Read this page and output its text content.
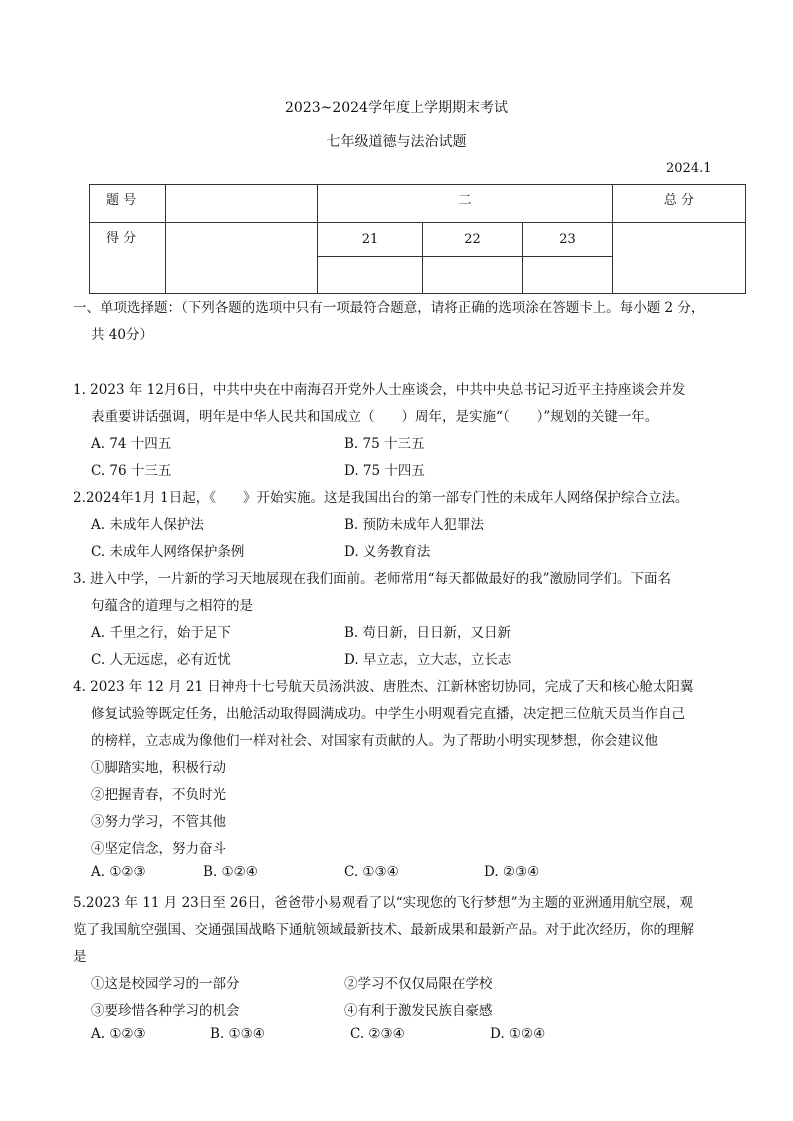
2023~2024学年度上学期期末考试
七年级道德与法治试题
2024.1
题 号		二			总 分
得 分		21	22	23	

一、单项选择题：（下列各题的选项中只有一项最符合题意，请将正确的选项涂在答题卡上。每小题 2 分，
共 40分）
1. 2023 年 12月6日，中共中央在中南海召开党外人士座谈会，中共中央总书记习近平主持座谈会并发
表重要讲话强调，明年是中华人民共和国成立（　　）周年，是实施“（　　）”规划的关键一年。
A. 74 十四五	B. 75 十三五
C. 76 十三五	D. 75 十四五
2.2024年1月 1日起，《　　》开始实施。这是我国出台的第一部专门性的未成年人网络保护综合立法。
A. 未成年人保护法	B. 预防未成年人犯罪法
C. 未成年人网络保护条例	D. 义务教育法
3. 进入中学，一片新的学习天地展现在我们面前。老师常用“每天都做最好的我”激励同学们。下面名
句蕴含的道理与之相符的是
A. 千里之行，始于足下	B. 苟日新，日日新，又日新
C. 人无远虑，必有近忧	D. 早立志，立大志，立长志
4. 2023 年 12 月 21 日神舟十七号航天员汤洪波、唐胜杰、江新林密切协同，完成了天和核心舱太阳翼
修复试验等既定任务，出舱活动取得圆满成功。中学生小明观看完直播，决定把三位航天员当作自己
的榜样，立志成为像他们一样对社会、对国家有贡献的人。为了帮助小明实现梦想，你会建议他
①脚踏实地，积极行动
②把握青春，不负时光
③努力学习，不管其他
④坚定信念，努力奋斗
A. ①②③	B. ①②④	C. ①③④	D. ②③④
5.2023 年 11 月 23日至 26日，爸爸带小易观看了以“实现您的飞行梦想”为主题的亚洲通用航空展，观
览了我国航空强国、交通强国战略下通航领域最新技术、最新成果和最新产品。对于此次经历，你的理解
是
①这是校园学习的一部分	②学习不仅仅局限在学校
③要珍惜各种学习的机会	④有利于激发民族自豪感
A. ①②③	B. ①③④	C. ②③④	D. ①②④
